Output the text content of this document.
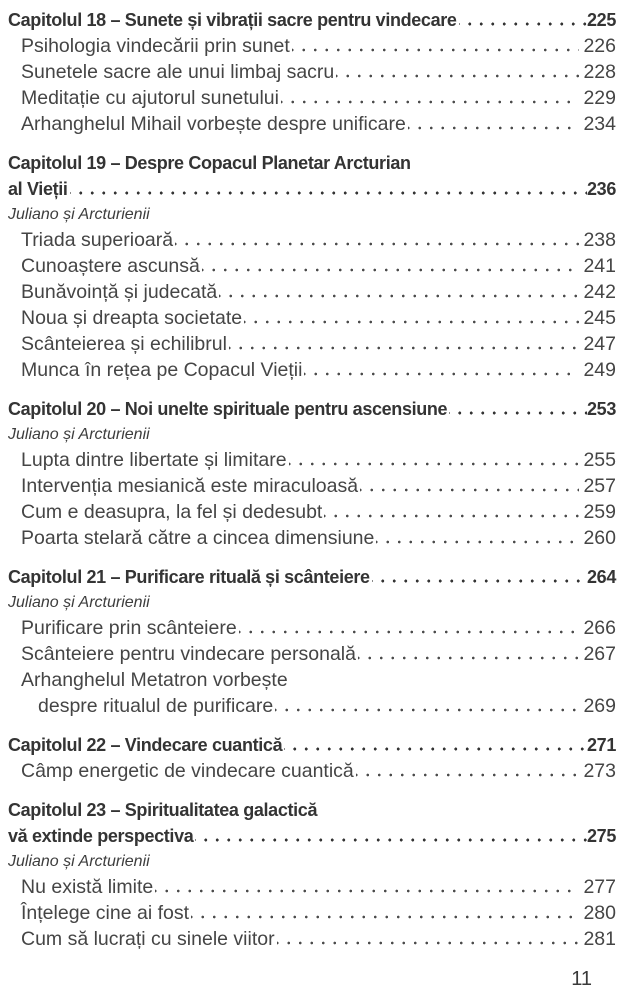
Capitolul 18 – Sunete și vibrații sacre pentru vindecare	225
Psihologia vindecării prin sunet	226
Sunetele sacre ale unui limbaj sacru	228
Meditație cu ajutorul sunetului	229
Arhanghelul Mihail vorbește despre unificare	234
Capitolul 19 – Despre Copacul Planetar Arcturian
al Vieții	236
Juliano și Arcturienii
Triada superioară	238
Cunoaștere ascunsă	241
Bunăvoință și judecată	242
Noua și dreapta societate	245
Scânteierea și echilibrul	247
Munca în rețea pe Copacul Vieții	249
Capitolul 20 – Noi unelte spirituale pentru ascensiune	253
Juliano și Arcturienii
Lupta dintre libertate și limitare	255
Intervenția mesianică este miraculoasă	257
Cum e deasupra, la fel și dedesubt	259
Poarta stelară către a cincea dimensiune	260
Capitolul 21 – Purificare rituală și scânteiere	264
Juliano și Arcturienii
Purificare prin scânteiere	266
Scânteiere pentru vindecare personală	267
Arhanghelul Metatron vorbește
despre ritualul de purificare	269
Capitolul 22 – Vindecare cuantică	271
Câmp energetic de vindecare cuantică	273
Capitolul 23 – Spiritualitatea galactică
vă extinde perspectiva	275
Juliano și Arcturienii
Nu există limite	277
Înțelege cine ai fost	280
Cum să lucrați cu sinele viitor	281
11
